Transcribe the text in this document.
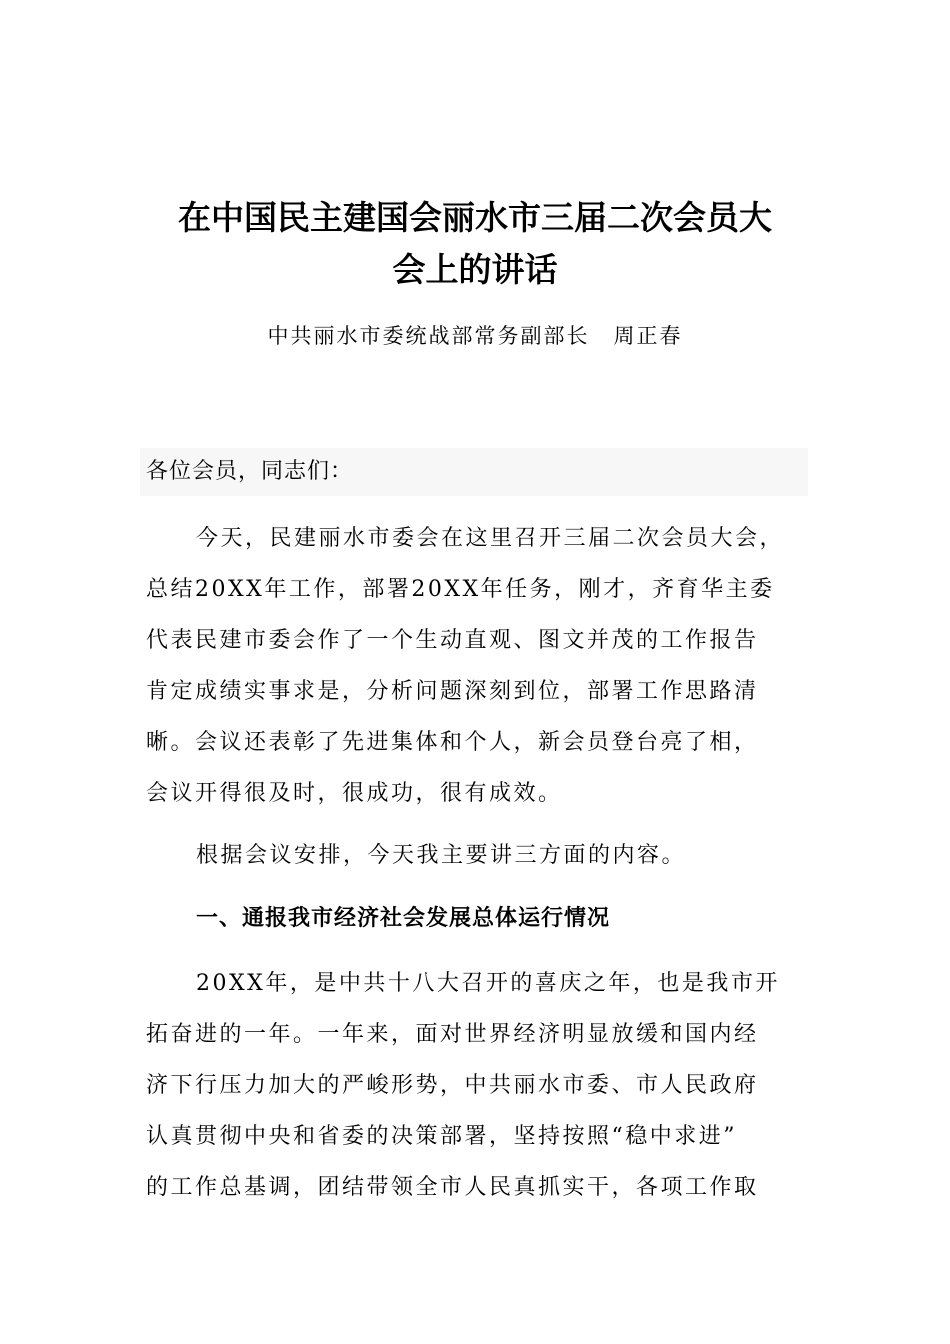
在中国民主建国会丽水市三届二次会员大
会上的讲话
中共丽水市委统战部常务副部长 周正春
各位会员，同志们：
今天，民建丽水市委会在这里召开三届二次会员大会，
总结20XX年工作，部署20XX年任务，刚才，齐育华主委
代表民建市委会作了一个生动直观、图文并茂的工作报告
肯定成绩实事求是，分析问题深刻到位，部署工作思路清
晰。会议还表彰了先进集体和个人，新会员登台亮了相，
会议开得很及时，很成功，很有成效。

根据会议安排，今天我主要讲三方面的内容。

一、通报我市经济社会发展总体运行情况
20XX年，是中共十八大召开的喜庆之年，也是我市开
拓奋进的一年。一年来，面对世界经济明显放缓和国内经
济下行压力加大的严峻形势，中共丽水市委、市人民政府
认真贯彻中央和省委的决策部署，坚持按照“稳中求进”
的工作总基调，团结带领全市人民真抓实干，各项工作取
